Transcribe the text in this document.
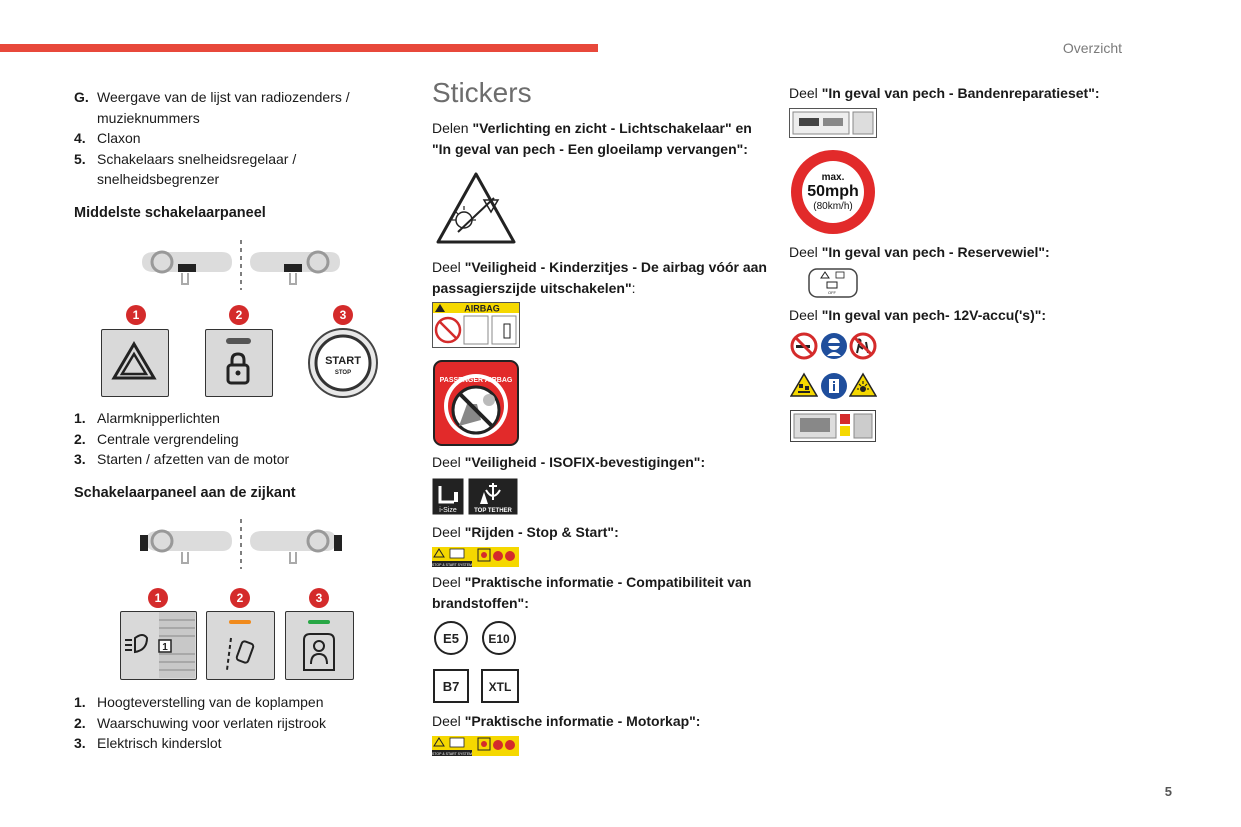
Overzicht
5
G. Weergave van de lijst van radiozenders / muzieknummers
4. Claxon
5. Schakelaars snelheidsregelaar / snelheidsbegrenzer
Middelste schakelaarpaneel
1	2	3
START
STOP
1. Alarmknipperlichten
2. Centrale vergrendeling
3. Starten / afzetten van de motor
Schakelaarpaneel aan de zijkant
1	2	3
1
1. Hoogteverstelling van de koplampen
2. Waarschuwing voor verlaten rijstrook
3. Elektrisch kinderslot
Stickers
Delen "Verlichting en zicht - Lichtschakelaar" en "In geval van pech - Een gloeilamp vervangen":
Deel "Veiligheid - Kinderzitjes - De airbag vóór aan passagierszijde uitschakelen":
AIRBAG
PASSENGER AIRBAG
Deel "Veiligheid - ISOFIX-bevestigingen":
i-Size	TOP TETHER
Deel "Rijden - Stop & Start":
STOP & START SYSTEM
Deel "Praktische informatie - Compatibiliteit van brandstoffen":
E5 E10
B7 XTL
Deel "Praktische informatie - Motorkap":
STOP & START SYSTEM
Deel "In geval van pech - Bandenreparatieset":
max.
50mph
(80km/h)
Deel "In geval van pech - Reservewiel":
OFF
Deel "In geval van pech- 12V-accu('s)":
